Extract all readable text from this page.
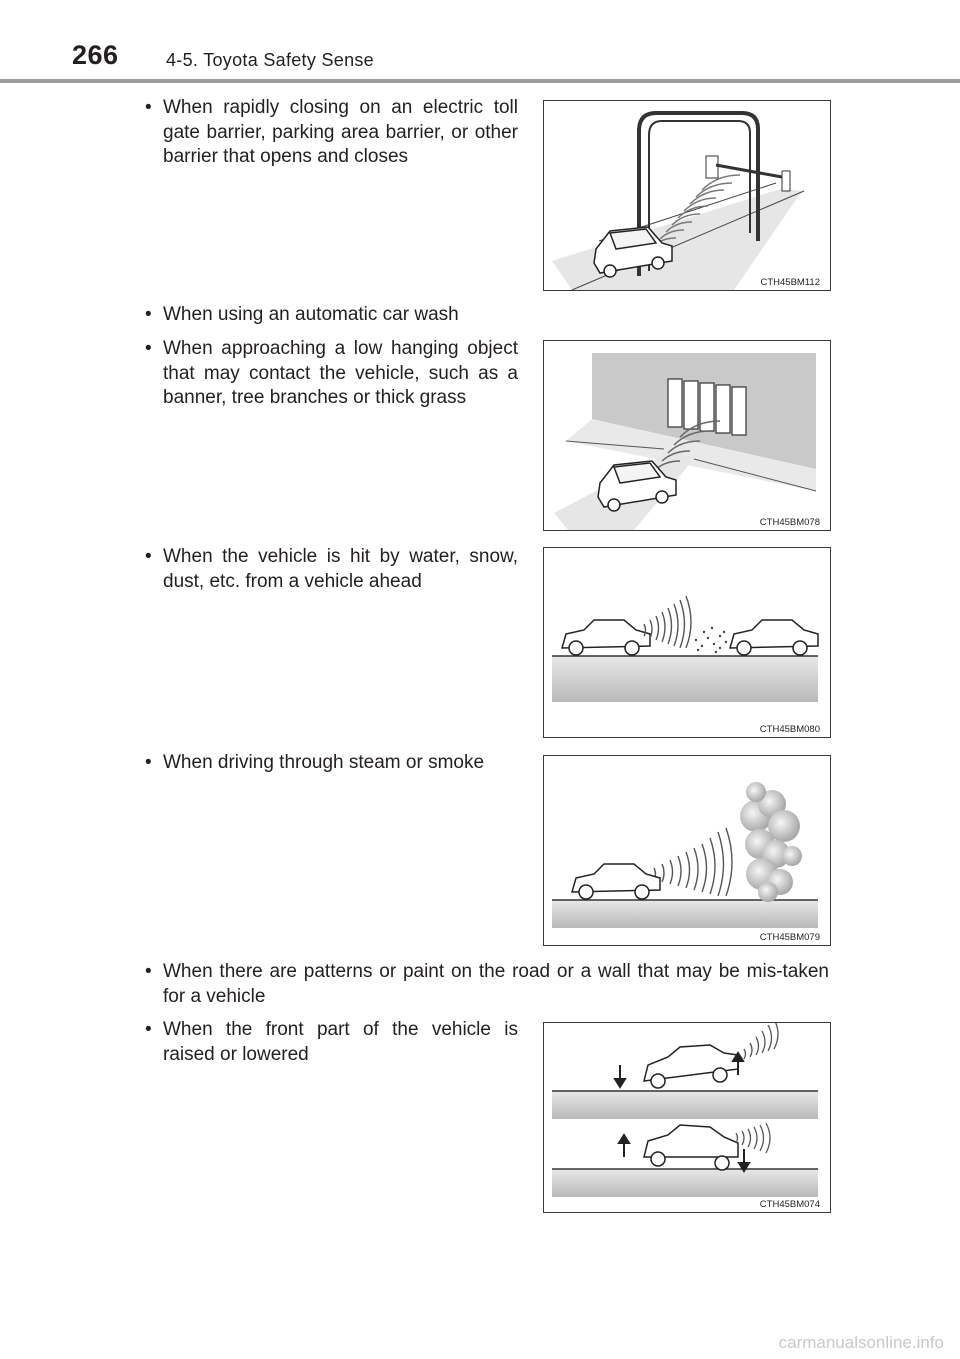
266	4-5. Toyota Safety Sense
• When rapidly closing on an electric toll gate barrier, parking area barrier, or other barrier that opens and closes
CTH45BM112
• When using an automatic car wash
• When approaching a low hanging object that may contact the vehicle, such as a banner, tree branches or thick grass
CTH45BM078
• When the vehicle is hit by water, snow, dust, etc. from a vehicle ahead
CTH45BM080
• When driving through steam or smoke
CTH45BM079
• When there are patterns or paint on the road or a wall that may be mis-taken for a vehicle
• When the front part of the vehicle is raised or lowered
CTH45BM074
carmanualsonline.info
